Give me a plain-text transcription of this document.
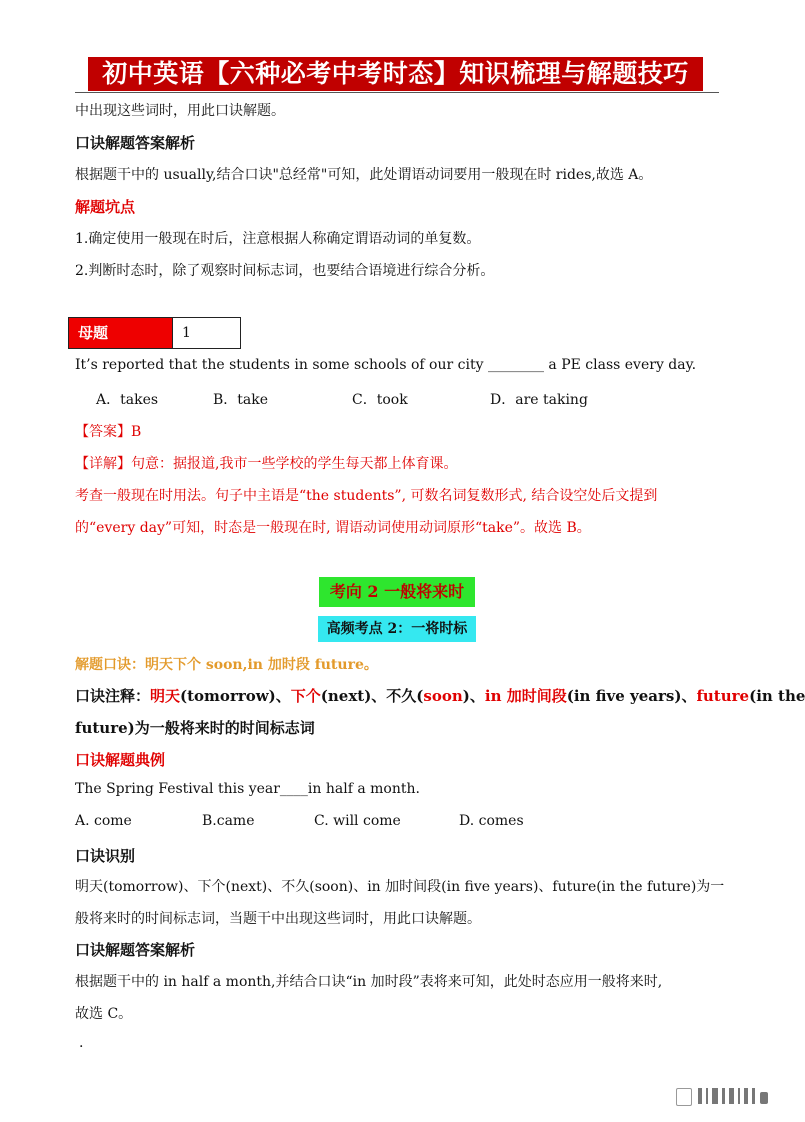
初中英语【六种必考中考时态】知识梳理与解题技巧
中出现这些词时，用此口诀解题。
口诀解题答案解析
根据题干中的 usually,结合口诀"总经常"可知，此处谓语动词要用一般现在时 rides,故选 A。
解题坑点
1.确定使用一般现在时后，注意根据人称确定谓语动词的单复数。
2.判断时态时，除了观察时间标志词，也要结合语境进行综合分析。
母题	1
It’s reported that the students in some schools of our city ________ a PE class every day.
A．takes	B．take	C．took	D．are taking
【答案】B
【详解】句意：据报道,我市一些学校的学生每天都上体育课。
考查一般现在时用法。句子中主语是“the students”, 可数名词复数形式, 结合设空处后文提到
的“every day”可知，时态是一般现在时, 谓语动词使用动词原形“take”。故选 B。
考向 2 一般将来时
高频考点 2：一将时标
解题口诀：明天下个 soon,in 加时段 future。
口诀注释：明天(tomorrow)、下个(next)、不久(soon)、in 加时间段(in five years)、future(in the
future)为一般将来时的时间标志词
口诀解题典例
The Spring Festival this year____in half a month.
A. come	B.came	C. will come	D. comes
口诀识别
明天(tomorrow)、下个(next)、不久(soon)、in 加时间段(in five years)、future(in the future)为一
般将来时的时间标志词，当题干中出现这些词时，用此口诀解题。
口诀解题答案解析
根据题干中的 in half a month,并结合口诀“in 加时段”表将来可知，此处时态应用一般将来时,
故选 C。
.
